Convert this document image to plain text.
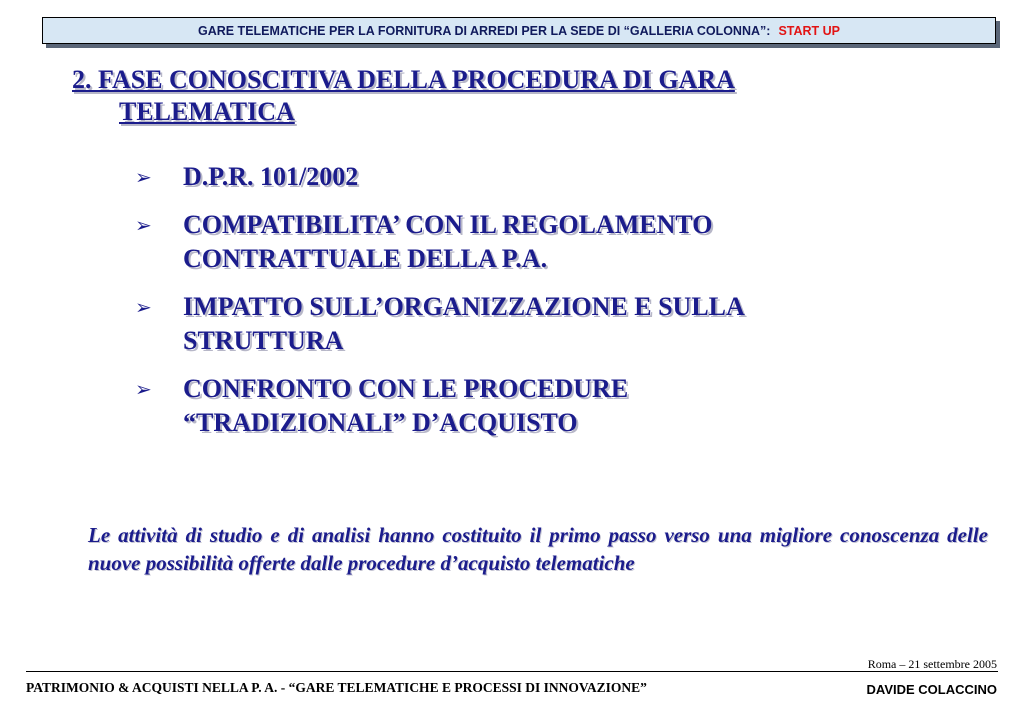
GARE TELEMATICHE PER LA FORNITURA DI ARREDI PER LA SEDE DI “GALLERIA COLONNA”: START UP
2. FASE CONOSCITIVA DELLA PROCEDURA DI GARA
TELEMATICA
➢ D.P.R. 101/2002
➢ COMPATIBILITA’ CON IL REGOLAMENTO
CONTRATTUALE DELLA P.A.
➢ IMPATTO SULL’ORGANIZZAZIONE E SULLA
STRUTTURA
➢ CONFRONTO CON LE PROCEDURE
“TRADIZIONALI” D’ACQUISTO
Le attività di studio e di analisi hanno costituito il primo passo verso una migliore conoscenza delle nuove possibilità offerte dalle procedure d’acquisto telematiche
Roma – 21 settembre 2005
PATRIMONIO & ACQUISTI NELLA P. A. - “GARE TELEMATICHE E PROCESSI DI INNOVAZIONE”	DAVIDE COLACCINO
